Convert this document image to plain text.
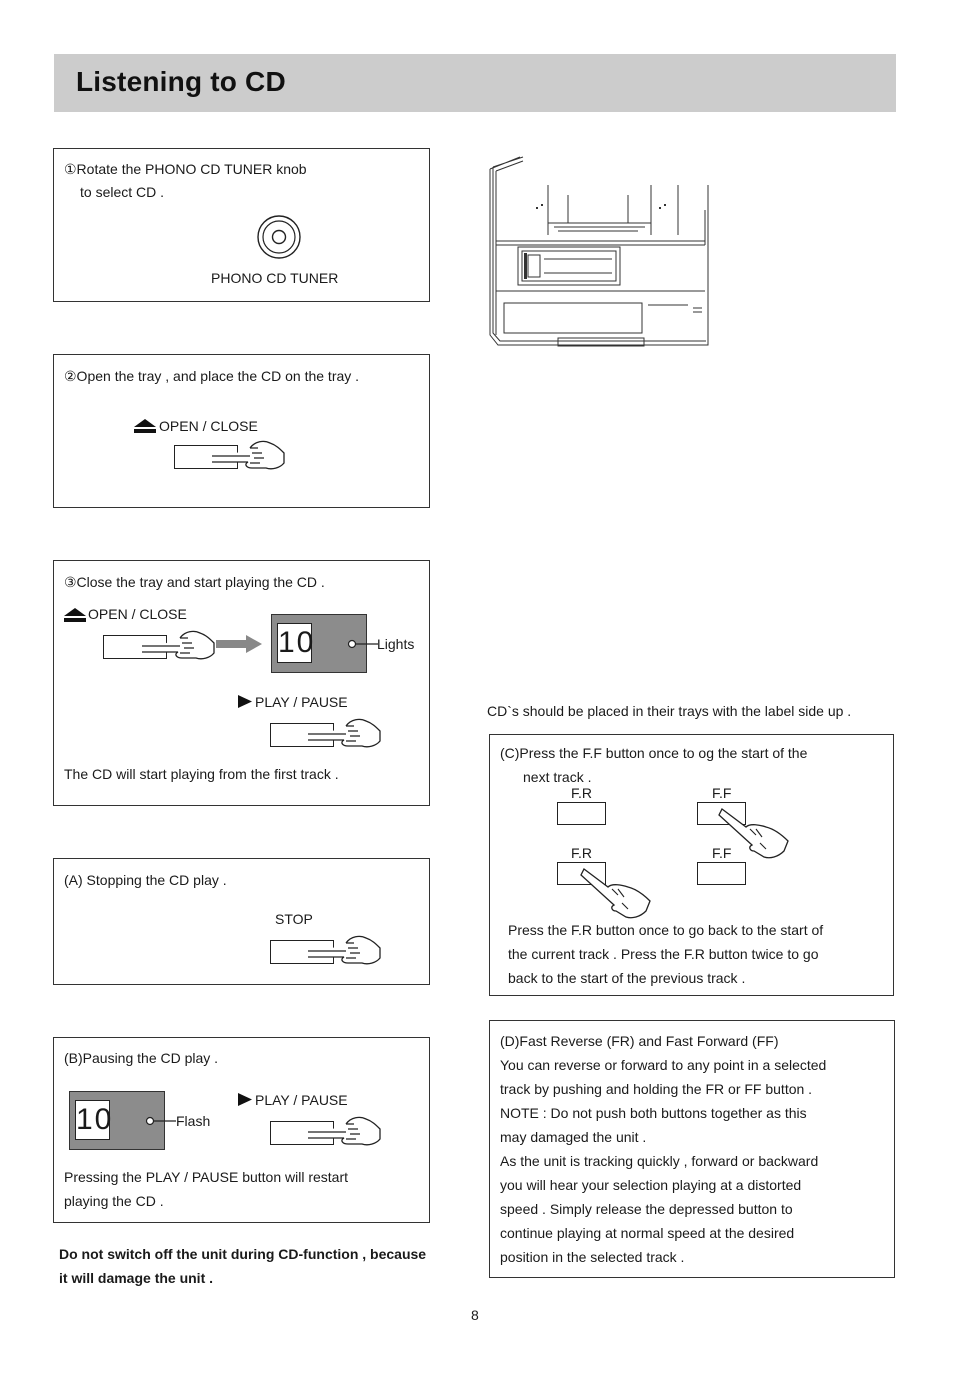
Listening to CD
①Rotate the PHONO CD TUNER knob
to select CD .
PHONO CD TUNER
②Open the tray , and place the CD on the tray .
OPEN / CLOSE
③Close the tray and start playing the CD .
OPEN / CLOSE
10	Lights
PLAY / PAUSE
The CD will start playing from the first track .
(A) Stopping the CD play .
STOP
(B)Pausing the CD play .
10	Flash
PLAY / PAUSE
Pressing the PLAY / PAUSE button will restart
playing the CD .
Do not switch off the unit during CD-function , because
it will damage the unit .
CD`s should be placed in their trays with the label side up .
(C)Press the F.F button once to og the start of the
next track .
F.R	F.F
F.R	F.F
Press the F.R button once to go back to the start of
the current track . Press the F.R button twice to go
back to the start of the previous track .
(D)Fast Reverse (FR) and Fast Forward (FF)
You can reverse or forward to any point in a selected
track by pushing and holding the FR or FF button .
NOTE : Do not push both buttons together as this
may damaged the unit .
As the unit is tracking quickly , forward or backward
you will hear your selection playing at a distorted
speed . Simply release the depressed button to
continue playing at normal speed at the desired
position in the selected track .
8
